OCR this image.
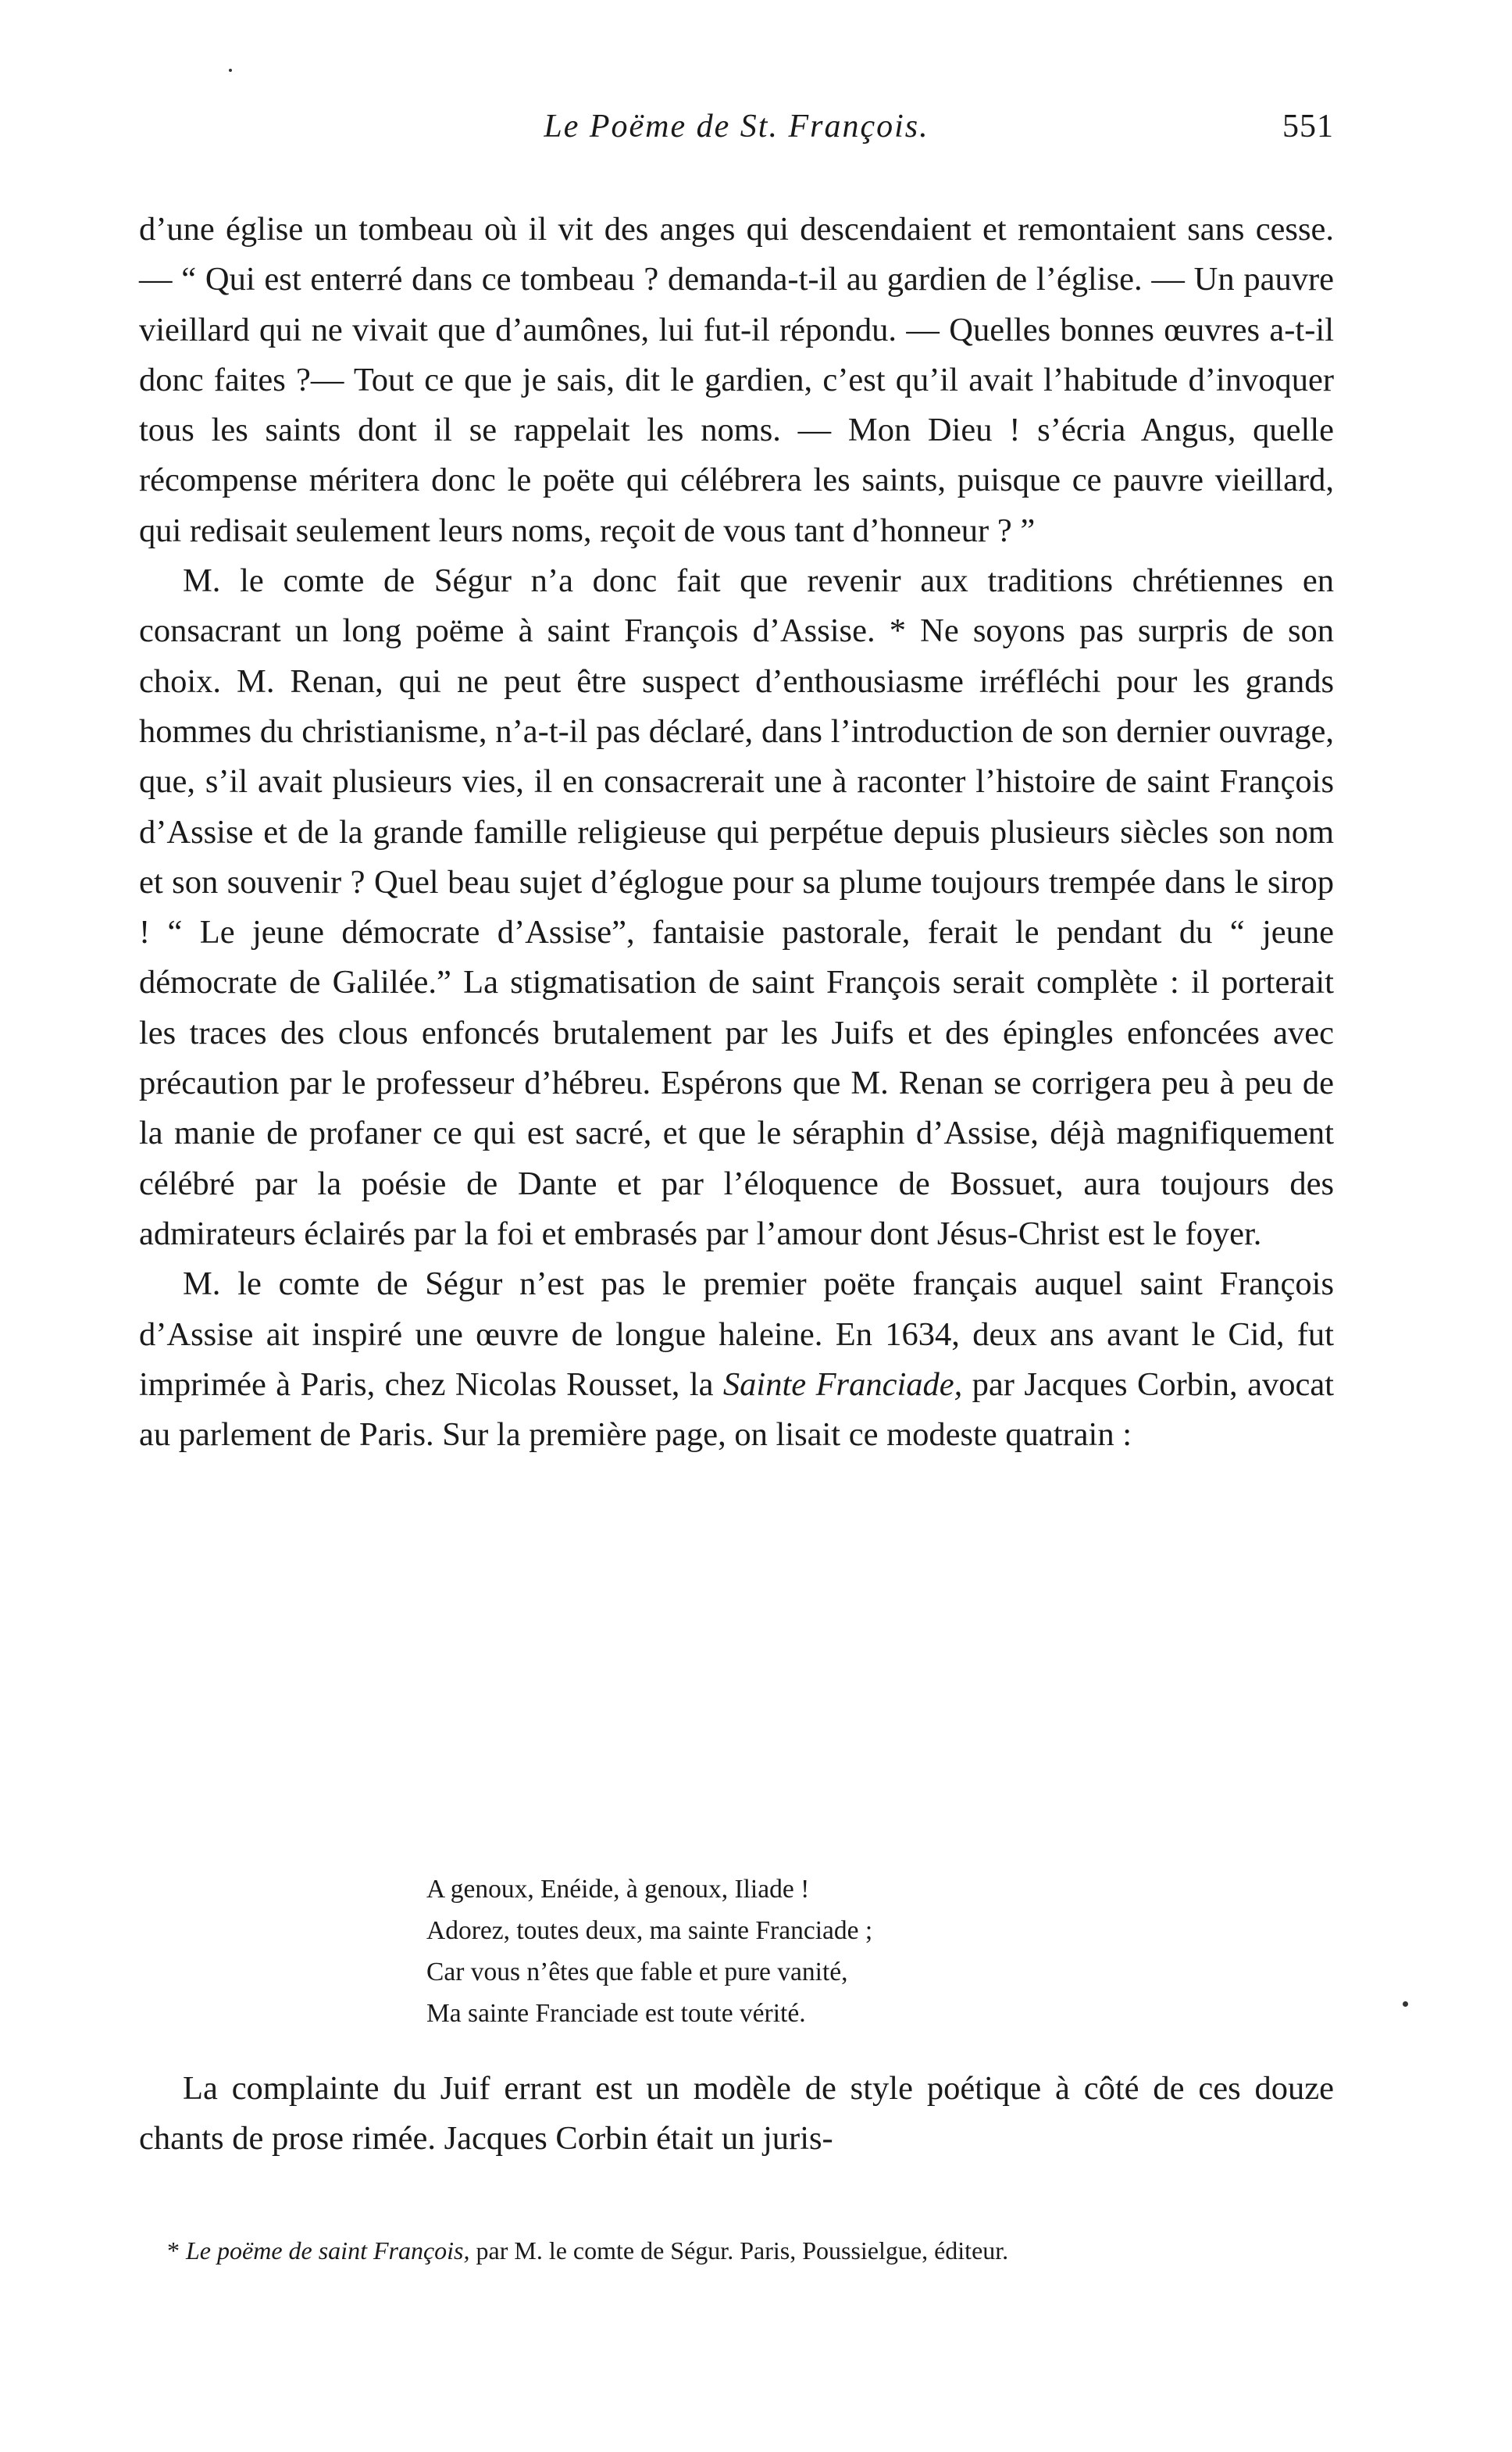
Le Poëme de St. François.	551

d’une église un tombeau où il vit des anges qui descendaient et remontaient sans cesse. — “ Qui est enterré dans ce tombeau ? demanda-t-il au gardien de l’église. — Un pauvre vieillard qui ne vivait que d’aumônes, lui fut-il répondu. — Quelles bonnes œuvres a-t-il donc faites ?— Tout ce que je sais, dit le gardien, c’est qu’il avait l’habitude d’invoquer tous les saints dont il se rappelait les noms. — Mon Dieu ! s’écria Angus, quelle récompense méritera donc le poëte qui célébrera les saints, puisque ce pauvre vieillard, qui redisait seulement leurs noms, reçoit de vous tant d’honneur ? ”

M. le comte de Ségur n’a donc fait que revenir aux traditions chrétiennes en consacrant un long poëme à saint François d’Assise. * Ne soyons pas surpris de son choix. M. Renan, qui ne peut être suspect d’enthousiasme irréfléchi pour les grands hommes du christianisme, n’a-t-il pas déclaré, dans l’introduction de son dernier ouvrage, que, s’il avait plusieurs vies, il en consacrerait une à raconter l’histoire de saint François d’Assise et de la grande famille religieuse qui perpétue depuis plusieurs siècles son nom et son souvenir ? Quel beau sujet d’églogue pour sa plume toujours trempée dans le sirop ! “ Le jeune démocrate d’Assise”, fantaisie pastorale, ferait le pendant du “ jeune démocrate de Galilée.” La stigmatisation de saint François serait complète : il porterait les traces des clous enfoncés brutalement par les Juifs et des épingles enfoncées avec précaution par le professeur d’hébreu. Espérons que M. Renan se corrigera peu à peu de la manie de profaner ce qui est sacré, et que le séraphin d’Assise, déjà magnifiquement célébré par la poésie de Dante et par l’éloquence de Bossuet, aura toujours des admirateurs éclairés par la foi et embrasés par l’amour dont Jésus-Christ est le foyer.

M. le comte de Ségur n’est pas le premier poëte français auquel saint François d’Assise ait inspiré une œuvre de longue haleine. En 1634, deux ans avant le Cid, fut imprimée à Paris, chez Nicolas Rousset, la Sainte Franciade, par Jacques Corbin, avocat au parlement de Paris. Sur la première page, on lisait ce modeste quatrain :

A genoux, Enéide, à genoux, Iliade !
Adorez, toutes deux, ma sainte Franciade ;
Car vous n’êtes que fable et pure vanité,
Ma sainte Franciade est toute vérité.

La complainte du Juif errant est un modèle de style poétique à côté de ces douze chants de prose rimée. Jacques Corbin était un juris-

* Le poëme de saint François, par M. le comte de Ségur. Paris, Poussielgue, éditeur.
